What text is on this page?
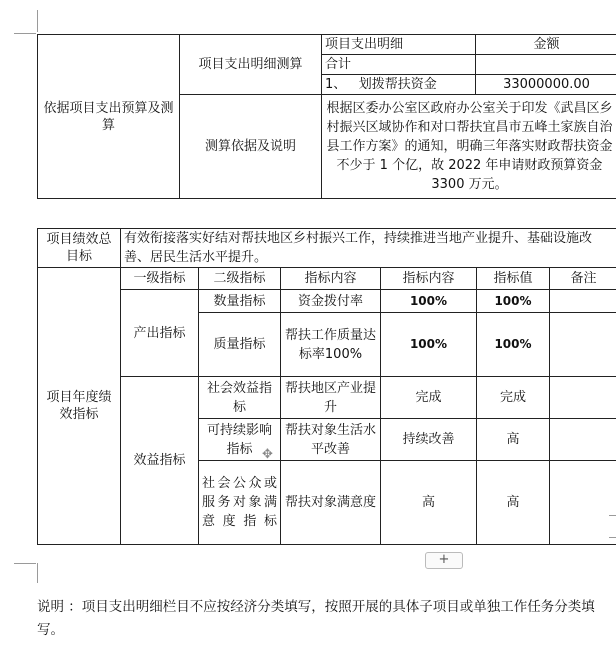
依据项目支出预算及测算	项目支出明细测算	项目支出明细	金额
		合计	
		1、 划拨帮扶资金	33000000.00
	测算依据及说明	根据区委办公室区政府办公室关于印发《武昌区乡村振兴区域协作和对口帮扶宜昌市五峰土家族自治县工作方案》的通知，明确三年落实财政帮扶资金不少于 1 个亿，故 2022 年申请财政预算资金 3300 万元。	
项目绩效总目标	有效衔接落实好结对帮扶地区乡村振兴工作，持续推进当地产业提升、基础设施改善、居民生活水平提升。					
项目年度绩效指标	一级指标	二级指标	指标内容	指标内容	指标值	备注
	产出指标	数量指标	资金拨付率	100%	100%	
		质量指标	帮扶工作质量达标率100%	100%	100%	
	效益指标	社会效益指标	帮扶地区产业提升	完成	完成	
		可持续影响指标	帮扶对象生活水平改善	持续改善	高	
		社会公众或服务对象满意度指标	帮扶对象满意度	高	高	
✥
+
说明 ：项目支出明细栏目不应按经济分类填写，按照开展的具体子项目或单独工作任务分类填写。
